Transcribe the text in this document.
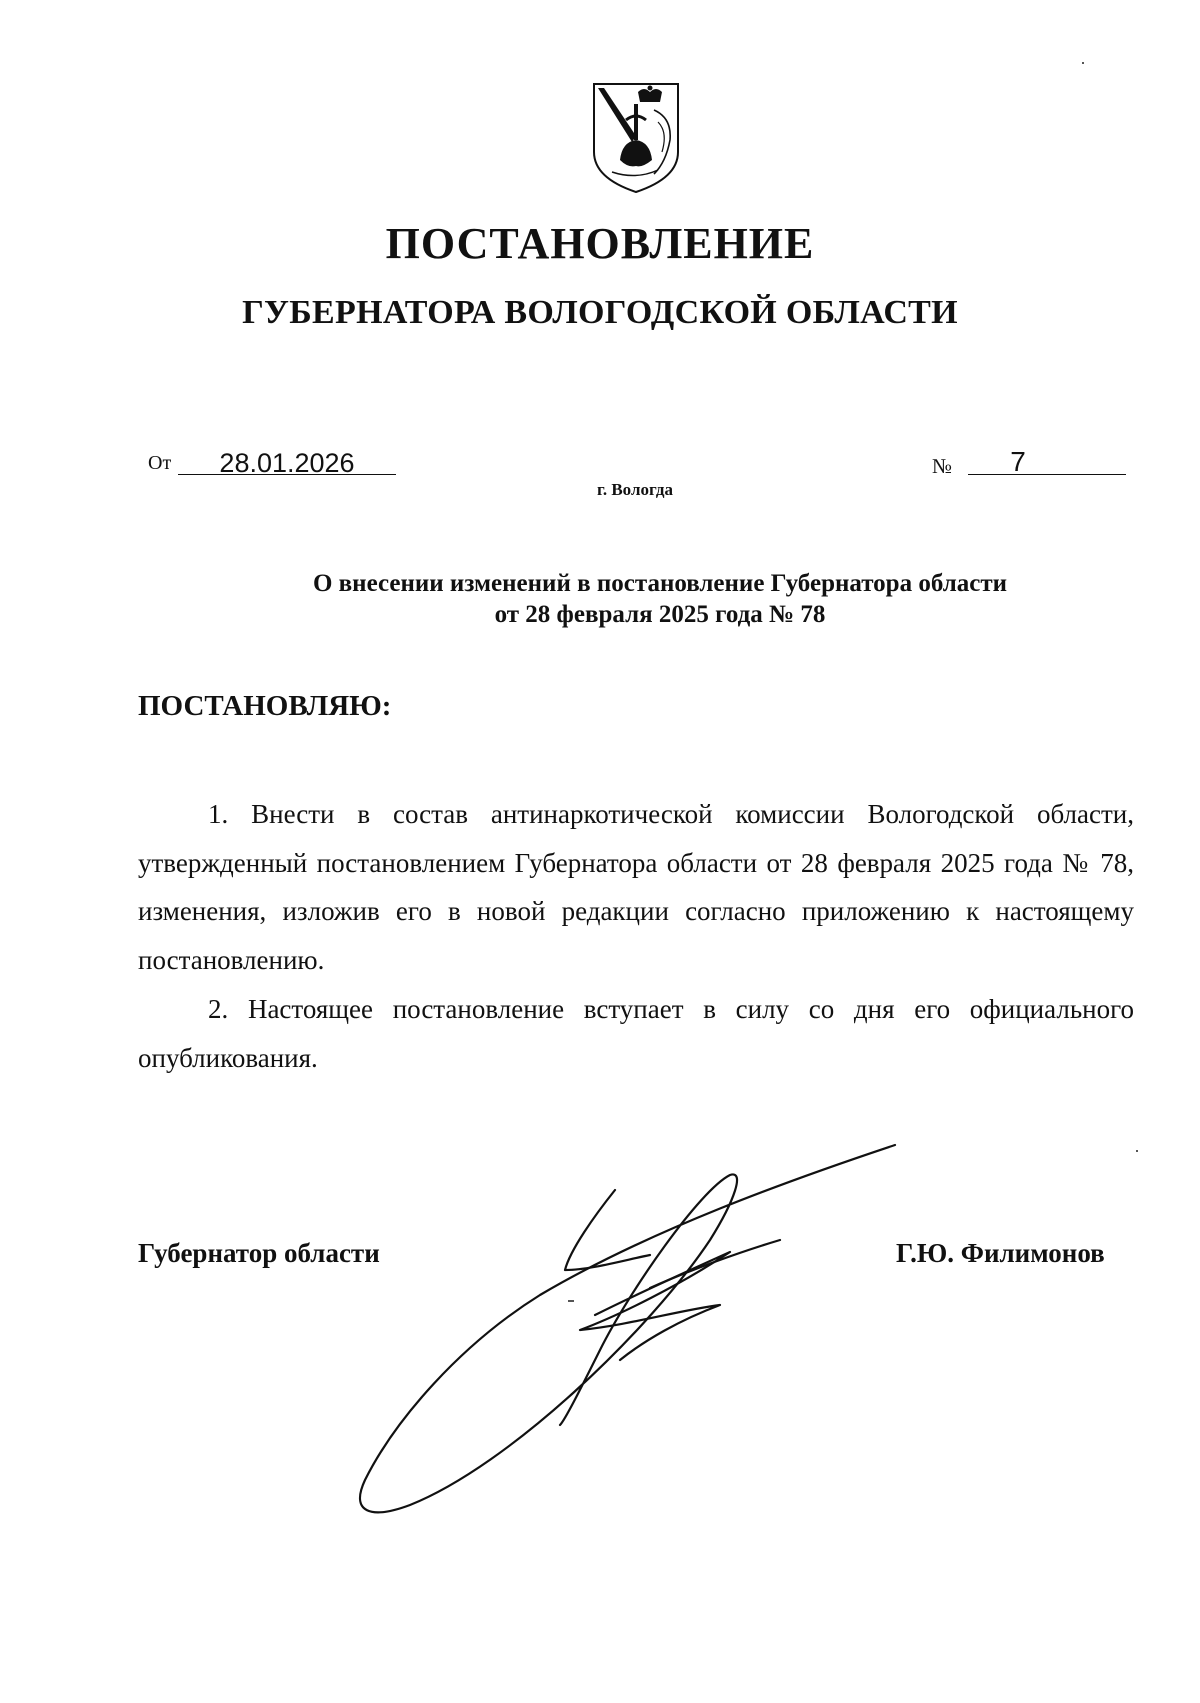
ПОСТАНОВЛЕНИЕ
ГУБЕРНАТОРА ВОЛОГОДСКОЙ ОБЛАСТИ
От	28.01.2026	№	7
г. Вологда
О внесении изменений в постановление Губернатора области
от 28 февраля 2025 года № 78
ПОСТАНОВЛЯЮ:

1. Внести в состав антинаркотической комиссии Вологодской области, утвержденный постановлением Губернатора области от 28 февраля 2025 года № 78, изменения, изложив его в новой редакции согласно приложению к настоящему постановлению.

2. Настоящее постановление вступает в силу со дня его официального опубликования.

Губернатор области	Г.Ю. Филимонов
